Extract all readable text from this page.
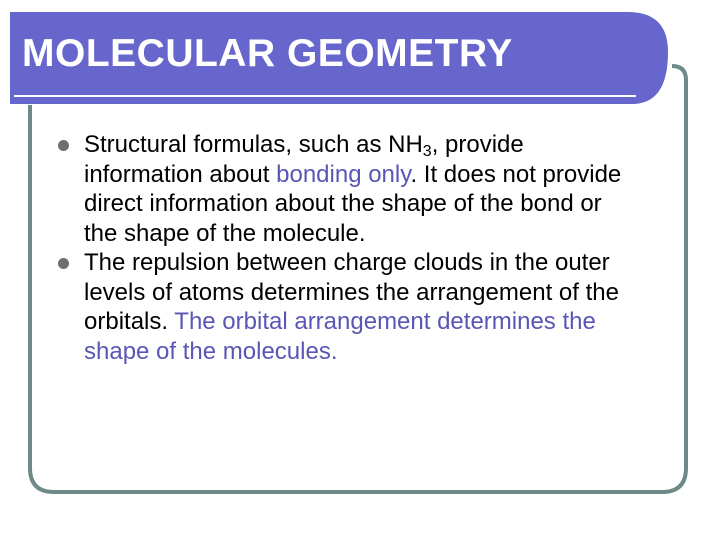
MOLECULAR GEOMETRY

Structural formulas, such as $NH_3$, provide information about bonding only. It does not provide direct information about the shape of the bond or the shape of the molecule.

The repulsion between charge clouds in the outer levels of atoms determines the arrangement of the orbitals. The orbital arrangement determines the shape of the molecules.
